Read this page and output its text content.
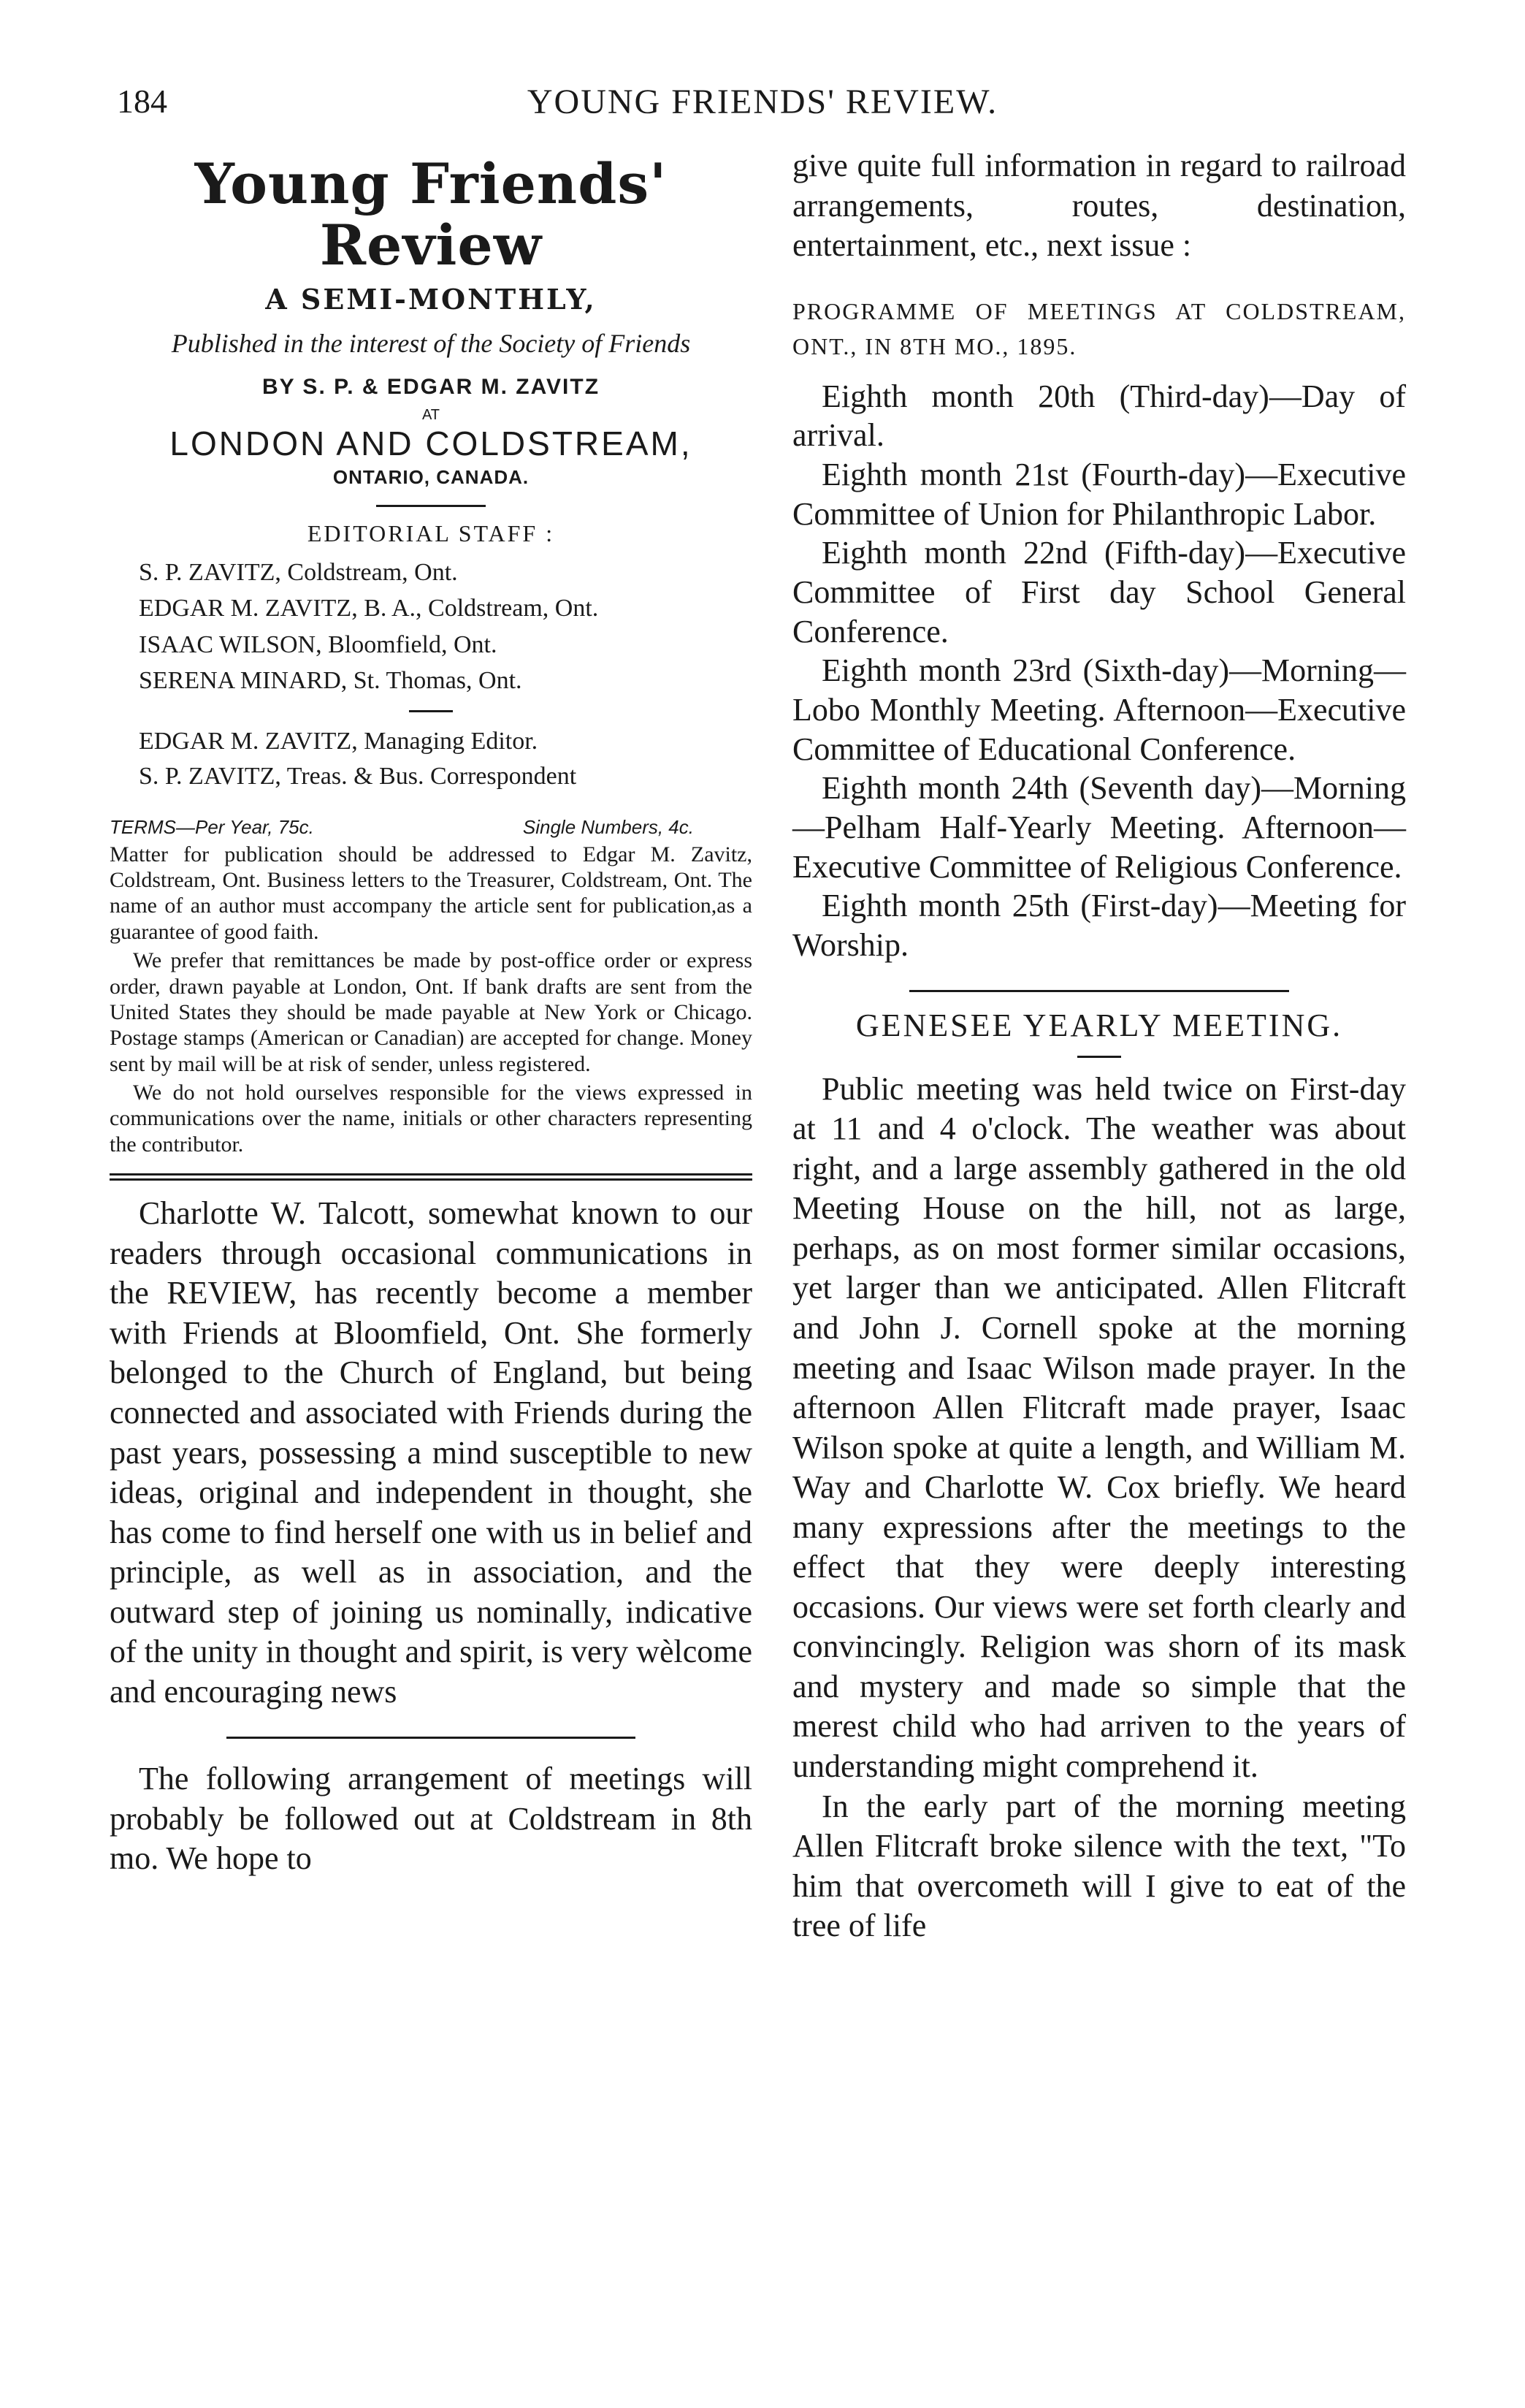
184	YOUNG FRIENDS' REVIEW.
Young Friends' Review
A SEMI-MONTHLY,
Published in the interest of the Society of Friends
BY S. P. & EDGAR M. ZAVITZ
AT
LONDON AND COLDSTREAM,
ONTARIO, CANADA.
EDITORIAL STAFF :
S. P. ZAVITZ, Coldstream, Ont.
EDGAR M. ZAVITZ, B. A., Coldstream, Ont.
ISAAC WILSON, Bloomfield, Ont.
SERENA MINARD, St. Thomas, Ont.
EDGAR M. ZAVITZ, Managing Editor.
S. P. ZAVITZ, Treas. & Bus. Correspondent
TERMS—Per Year, 75c.	Single Numbers, 4c.

Matter for publication should be addressed to Edgar M. Zavitz, Coldstream, Ont. Business letters to the Treasurer, Coldstream, Ont. The name of an author must accompany the article sent for publication,as a guarantee of good faith.

We prefer that remittances be made by post-office order or express order, drawn payable at London, Ont. If bank drafts are sent from the United States they should be made payable at New York or Chicago. Postage stamps (American or Canadian) are accepted for change. Money sent by mail will be at risk of sender, unless registered.

We do not hold ourselves responsible for the views expressed in communications over the name, initials or other characters representing the contributor.

Charlotte W. Talcott, somewhat known to our readers through occasional communications in the REVIEW, has recently become a member with Friends at Bloomfield, Ont. She formerly belonged to the Church of England, but being connected and associated with Friends during the past years, possessing a mind susceptible to new ideas, original and independent in thought, she has come to find herself one with us in belief and principle, as well as in association, and the outward step of joining us nominally, indicative of the unity in thought and spirit, is very wèlcome and encouraging news

The following arrangement of meetings will probably be followed out at Coldstream in 8th mo. We hope to

give quite full information in regard to railroad arrangements, routes, destination, entertainment, etc., next issue :

PROGRAMME OF MEETINGS AT COLDSTREAM, ONT., IN 8TH MO., 1895.

Eighth month 20th (Third-day)—Day of arrival.

Eighth month 21st (Fourth-day)—Executive Committee of Union for Philanthropic Labor.

Eighth month 22nd (Fifth-day)—Executive Committee of First day School General Conference.

Eighth month 23rd (Sixth-day)—Morning—Lobo Monthly Meeting. Afternoon—Executive Committee of Educational Conference.

Eighth month 24th (Seventh day)—Morning—Pelham Half-Yearly Meeting. Afternoon—Executive Committee of Religious Conference.

Eighth month 25th (First-day)—Meeting for Worship.

GENESEE YEARLY MEETING.

Public meeting was held twice on First-day at 11 and 4 o'clock. The weather was about right, and a large assembly gathered in the old Meeting House on the hill, not as large, perhaps, as on most former similar occasions, yet larger than we anticipated. Allen Flitcraft and John J. Cornell spoke at the morning meeting and Isaac Wilson made prayer. In the afternoon Allen Flitcraft made prayer, Isaac Wilson spoke at quite a length, and William M. Way and Charlotte W. Cox briefly. We heard many expressions after the meetings to the effect that they were deeply interesting occasions. Our views were set forth clearly and convincingly. Religion was shorn of its mask and mystery and made so simple that the merest child who had arriven to the years of understanding might comprehend it.

In the early part of the morning meeting Allen Flitcraft broke silence with the text, "To him that overcometh will I give to eat of the tree of life
